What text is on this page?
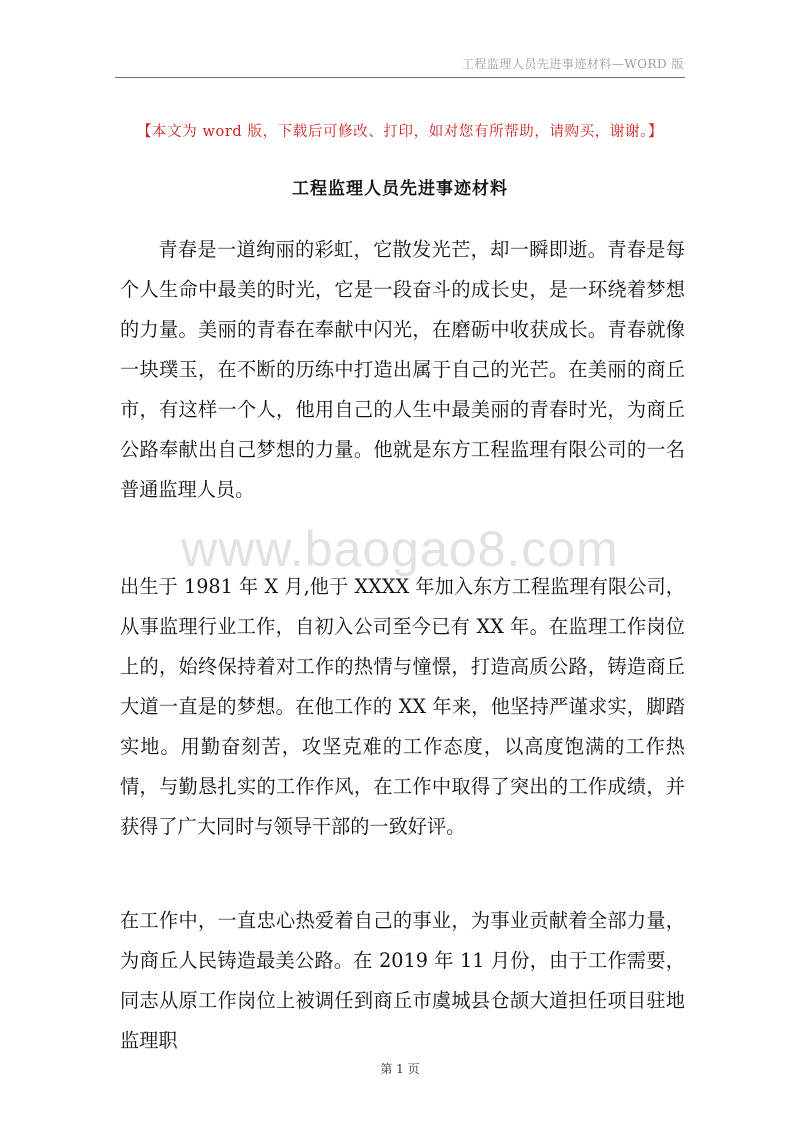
工程监理人员先进事迹材料—WORD 版
【本文为 word 版，下载后可修改、打印，如对您有所帮助，请购买，谢谢。】
工程监理人员先进事迹材料

青春是一道绚丽的彩虹，它散发光芒，却一瞬即逝。青春是每个人生命中最美的时光，它是一段奋斗的成长史，是一环绕着梦想的力量。美丽的青春在奉献中闪光，在磨砺中收获成长。青春就像一块璞玉，在不断的历练中打造出属于自己的光芒。在美丽的商丘市，有这样一个人，他用自己的人生中最美丽的青春时光，为商丘公路奉献出自己梦想的力量。他就是东方工程监理有限公司的一名普通监理人员。

www.baogao8.com

出生于 1981 年 X 月,他于 XXXX 年加入东方工程监理有限公司，从事监理行业工作，自初入公司至今已有 XX 年。在监理工作岗位上的，始终保持着对工作的热情与憧憬，打造高质公路，铸造商丘大道一直是的梦想。在他工作的 XX 年来，他坚持严谨求实，脚踏实地。用勤奋刻苦，攻坚克难的工作态度，以高度饱满的工作热情，与勤恳扎实的工作作风，在工作中取得了突出的工作成绩，并获得了广大同时与领导干部的一致好评。

在工作中，一直忠心热爱着自己的事业，为事业贡献着全部力量，为商丘人民铸造最美公路。在 2019 年 11 月份，由于工作需要，同志从原工作岗位上被调任到商丘市虞城县仓颉大道担任项目驻地监理职

第 1 页
